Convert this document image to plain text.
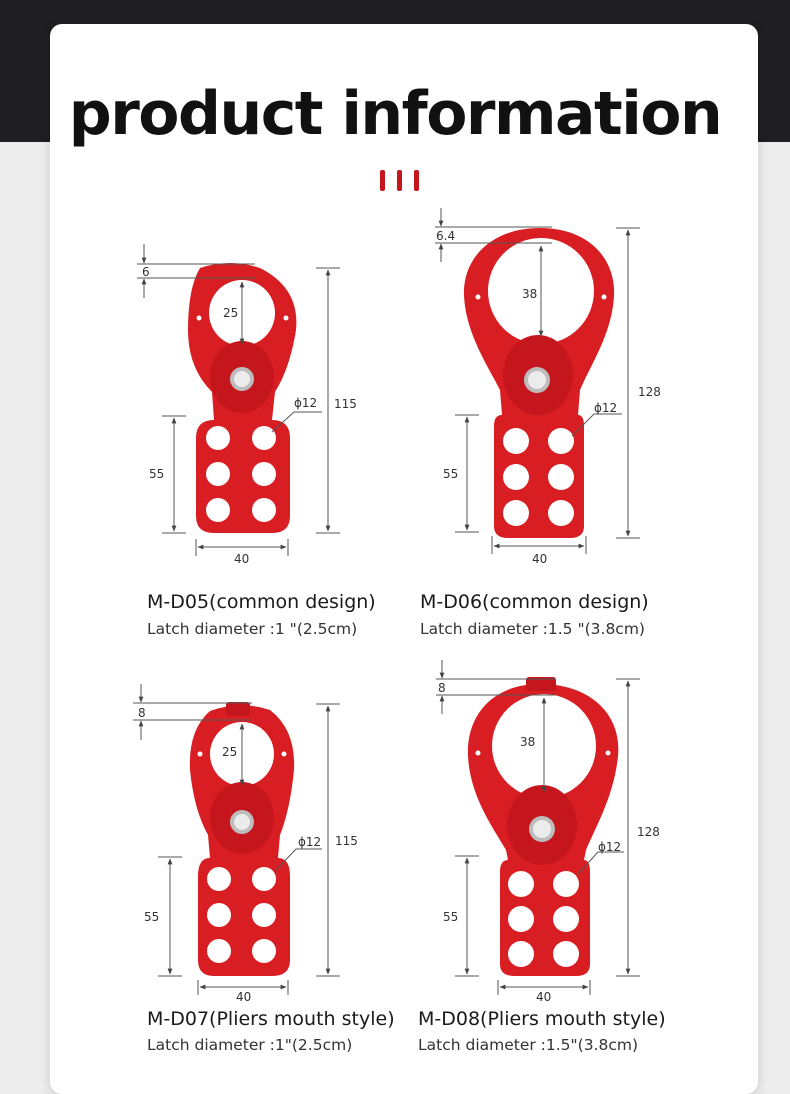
product information
6
25
115
ϕ12
55
40
6.4
38
128
ϕ12
55
40
8
25
115
ϕ12
55
40
8
38
128
ϕ12
55
40
M-D05(common design)
Latch diameter :1 "(2.5cm)
M-D06(common design)
Latch diameter :1.5 "(3.8cm)
M-D07(Pliers mouth style)
Latch diameter :1"(2.5cm)
M-D08(Pliers mouth style)
Latch diameter :1.5"(3.8cm)
